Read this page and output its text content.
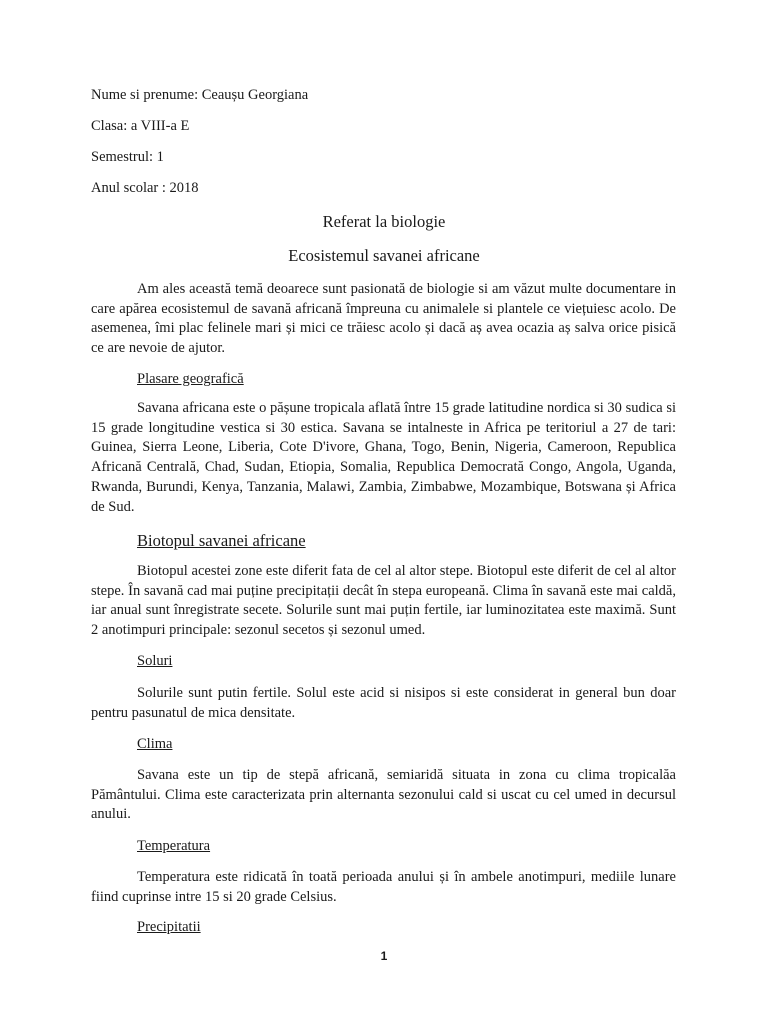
Nume si prenume: Ceaușu Georgiana
Clasa: a VIII-a E
Semestrul: 1
Anul scolar : 2018
Referat la biologie
Ecosistemul savanei africane
Am ales această temă deoarece sunt pasionată de biologie si am văzut multe documentare in care apărea ecosistemul de savană africană împreuna cu animalele si plantele ce viețuiesc acolo. De asemenea, îmi plac felinele mari și mici ce trăiesc acolo și dacă aș avea ocazia aș salva orice pisică ce are nevoie de ajutor.
Plasare geografică
Savana africana este o pășune tropicala aflată între 15 grade latitudine nordica si 30 sudica si 15 grade longitudine vestica si 30 estica. Savana se intalneste in Africa pe teritoriul a 27 de tari: Guinea, Sierra Leone, Liberia, Cote D'ivore, Ghana, Togo, Benin, Nigeria, Cameroon, Republica Africană Centrală, Chad, Sudan, Etiopia, Somalia, Republica Democrată Congo, Angola, Uganda, Rwanda, Burundi, Kenya, Tanzania, Malawi, Zambia, Zimbabwe, Mozambique, Botswana și Africa de Sud.
Biotopul savanei africane
Biotopul acestei zone este diferit fata de cel al altor stepe. Biotopul este diferit de cel al altor stepe. În savană cad mai puține precipitații decât în stepa europeană. Clima în savană este mai caldă, iar anual sunt înregistrate secete. Solurile sunt mai puțin fertile, iar luminozitatea este maximă. Sunt 2 anotimpuri principale: sezonul secetos și sezonul umed.
Soluri
Solurile sunt putin fertile. Solul este acid si nisipos si este considerat in general bun doar pentru pasunatul de mica densitate.
Clima
Savana este un tip de stepă africană, semiaridă situata in zona cu clima tropicalăa Pământului. Clima este caracterizata prin alternanta sezonului cald si uscat cu cel umed in decursul anului.
Temperatura
Temperatura este ridicată în toată perioada anului și în ambele anotimpuri, mediile lunare fiind cuprinse intre 15 si 20 grade Celsius.
Precipitatii
1
